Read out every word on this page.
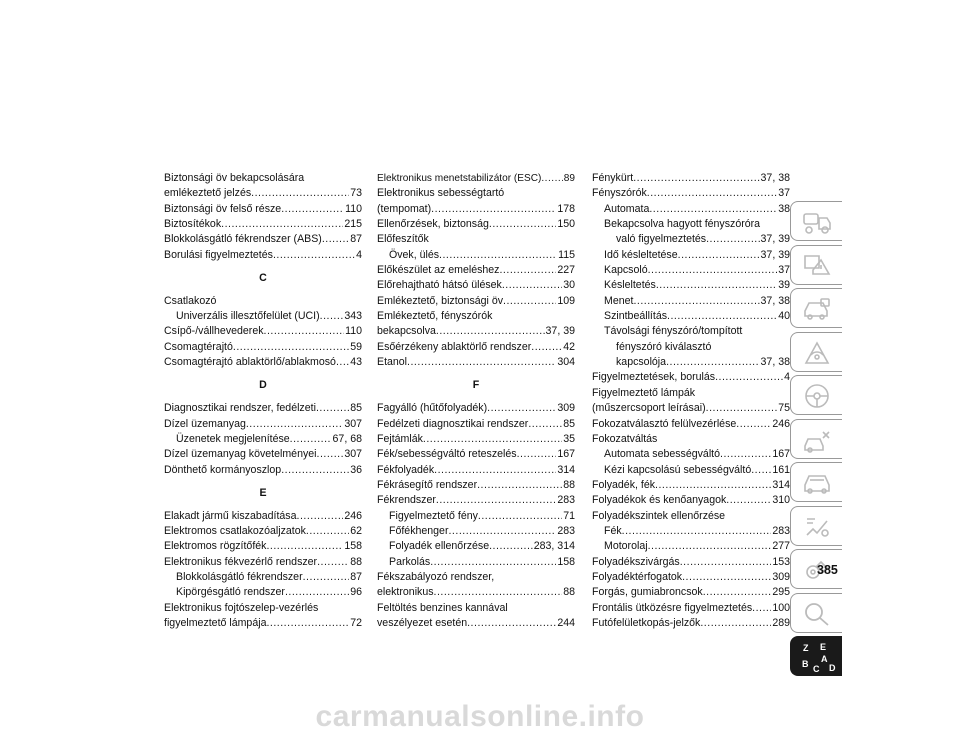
Biztonsági öv bekapcsolására
emlékeztető jelzés .....	73
Biztonsági öv felső része .....	110
Biztosítékok .....	215
Blokkolásgátló fékrendszer (ABS) .....	87
Borulási figyelmeztetés .....	4
C
Csatlakozó
Univerzális illesztőfelület (UCI) ..... 343
Csípő-/vállhevederek .....	110
Csomagtérajtó .....	59
Csomagtérajtó ablaktörlő/ablakmosó ..... 43
D
Diagnosztikai rendszer, fedélzeti .....	85
Dízel üzemanyag .....	307
Üzenetek megjelenítése .....	67, 68
Dízel üzemanyag követelményei .....	307
Dönthető kormányoszlop .....	36
E
Elakadt jármű kiszabadítása .....	246
Elektromos csatlakozóaljzatok .....	62
Elektromos rögzítőfék .....	158
Elektronikus fékvezérlő rendszer .....	88
Blokkolásgátló fékrendszer .....	87
Kipörgésgátló rendszer .....	96
Elektronikus fojtószelep-vezérlés
figyelmeztető lámpája .....	72
Elektronikus menetstabilizátor (ESC) ..... 89
Elektronikus sebességtartó
(tempomat) .....	178
Ellenőrzések, biztonság .....	150
Előfeszítők
Övek, ülés .....	115
Előkészület az emeléshez .....	227
Előrehajtható hátsó ülések .....	30
Emlékeztető, biztonsági öv .....	109
Emlékeztető, fényszórók
bekapcsolva .....	37, 39
Esőérzékeny ablaktörlő rendszer .....	42
Etanol .....	304
F
Fagyálló (hűtőfolyadék) .....	309
Fedélzeti diagnosztikai rendszer .....	85
Fejtámlák .....	35
Fék/sebességváltó reteszelés .....	167
Fékfolyadék .....	314
Fékrásegítő rendszer .....	88
Fékrendszer .....	283
Figyelmeztető fény .....	71
Főfékhenger .....	283
Folyadék ellenőrzése .....	283, 314
Parkolás .....	158
Fékszabályozó rendszer,
elektronikus .....	88
Feltöltés benzines kannával
veszélyezet esetén .....	244
Fénykürt .....	37, 38
Fényszórók .....	37
Automata .....	38
Bekapcsolva hagyott fényszóróra
való figyelmeztetés .....	37, 39
Idő késleltetése .....	37, 39
Kapcsoló .....	37
Késleltetés .....	39
Menet .....	37, 38
Szintbeállítás .....	40
Távolsági fényszóró/tompított
fényszóró kiválasztó
kapcsolója .....	37, 38
Figyelmeztetések, borulás .....	4
Figyelmeztető lámpák
(műszercsoport leírásai) .....	75
Fokozatválasztó felülvezérlése .....	246
Fokozatváltás
Automata sebességváltó .....	167
Kézi kapcsolású sebességváltó ..... 161
Folyadék, fék .....	314
Folyadékok és kenőanyagok .....	310
Folyadékszintek ellenőrzése
Fék .....	283
Motorolaj .....	277
Folyadékszivárgás .....	153
Folyadéktérfogatok .....	309
Forgás, gumiabroncsok .....	295
Frontális ütközésre figyelmeztetés ..... 100
Futófelületkopás-jelzők .....	289
Z
B
E
A
C D
385
carmanualsonline.info
